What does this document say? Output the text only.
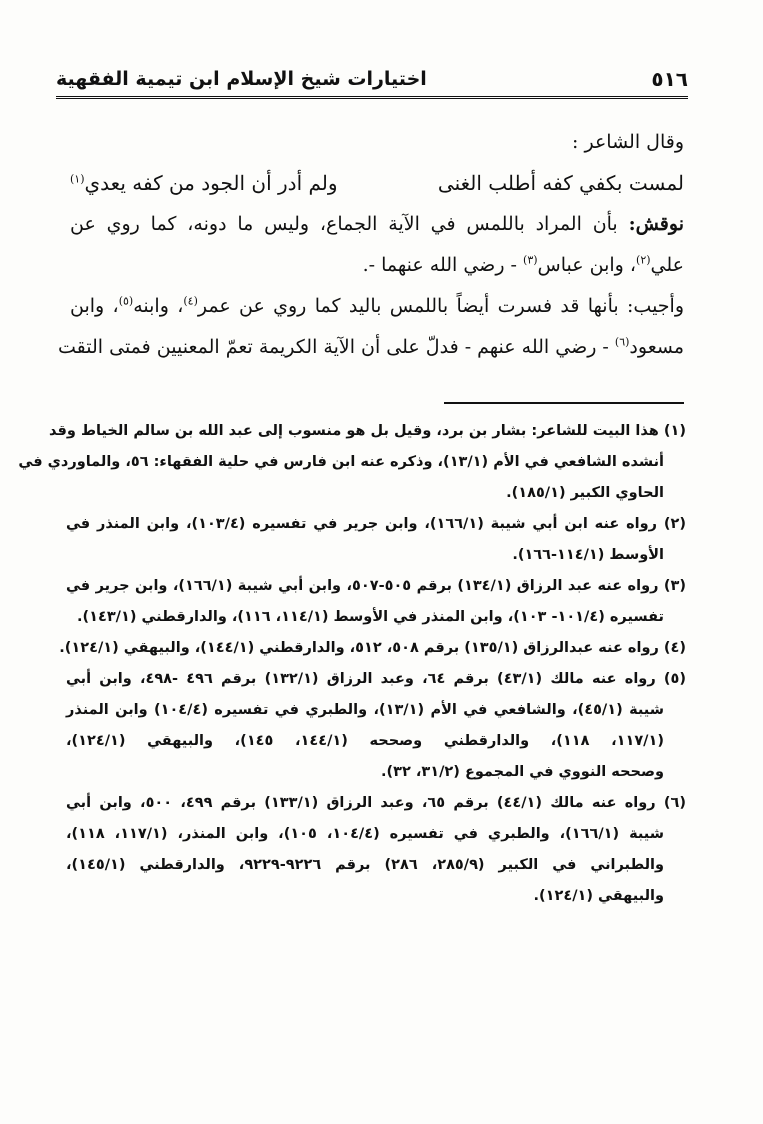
٥١٦
اختيارات شيخ الإسلام ابن تيمية الفقهية
وقال الشاعر :
لمست بكفي كفه أطلب الغنى
ولم أدر أن الجود من كفه يعدي$^{(١)}$
نوقش: بأن المراد باللمس في الآية الجماع، وليس ما دونه، كما روي عن
علي$^{(٢)}$، وابن عباس$^{(٣)}$ - رضي الله عنهما -.
وأجيب: بأنها قد فسرت أيضاً باللمس باليد كما روي عن عمر$^{(٤)}$، وابنه$^{(٥)}$، وابن
مسعود$^{(٦)}$ - رضي الله عنهم - فدلّ على أن الآية الكريمة تعمّ المعنيين فمتى التقت
(١) هذا البيت للشاعر: بشار بن برد، وقيل بل هو منسوب إلى عبد الله بن سالم الخياط وقد
أنشده الشافعي في الأم (١٣/١)، وذكره عنه ابن فارس في حلية الفقهاء: ٥٦، والماوردي في
الحاوي الكبير (١٨٥/١).
(٢) رواه عنه ابن أبي شيبة (١٦٦/١)، وابن جرير في تفسيره (١٠٣/٤)، وابن المنذر في
الأوسط (١١٤/١-١٦٦).
(٣) رواه عنه عبد الرزاق (١٣٤/١) برقم ٥٠٥-٥٠٧، وابن أبي شيبة (١٦٦/١)، وابن جرير في
تفسيره (١٠١/٤- ١٠٣)، وابن المنذر في الأوسط (١١٤/١، ١١٦)، والدارقطني (١٤٣/١).
(٤) رواه عنه عبدالرزاق (١٣٥/١) برقم ٥٠٨، ٥١٢، والدارقطني (١٤٤/١)، والبيهقي (١٢٤/١).
(٥) رواه عنه مالك (٤٣/١) برقم ٦٤، وعبد الرزاق (١٣٢/١) برقم ٤٩٦ -٤٩٨، وابن أبي
شيبة (٤٥/١)، والشافعي في الأم (١٣/١)، والطبري في تفسيره (١٠٤/٤) وابن المنذر
(١١٧/١، ١١٨)، والدارقطني وصححه (١٤٤/١، ١٤٥)، والبيهقي (١٢٤/١)،
وصححه النووي في المجموع (٣١/٢، ٣٢).
(٦) رواه عنه مالك (٤٤/١) برقم ٦٥، وعبد الرزاق (١٣٣/١) برقم ٤٩٩، ٥٠٠، وابن أبي
شيبة (١٦٦/١)، والطبري في تفسيره (١٠٤/٤، ١٠٥)، وابن المنذر، (١١٧/١، ١١٨)،
والطبراني في الكبير (٢٨٥/٩، ٢٨٦) برقم ٩٢٢٦-٩٢٢٩، والدارقطني (١٤٥/١)،
والبيهقي (١٢٤/١).
